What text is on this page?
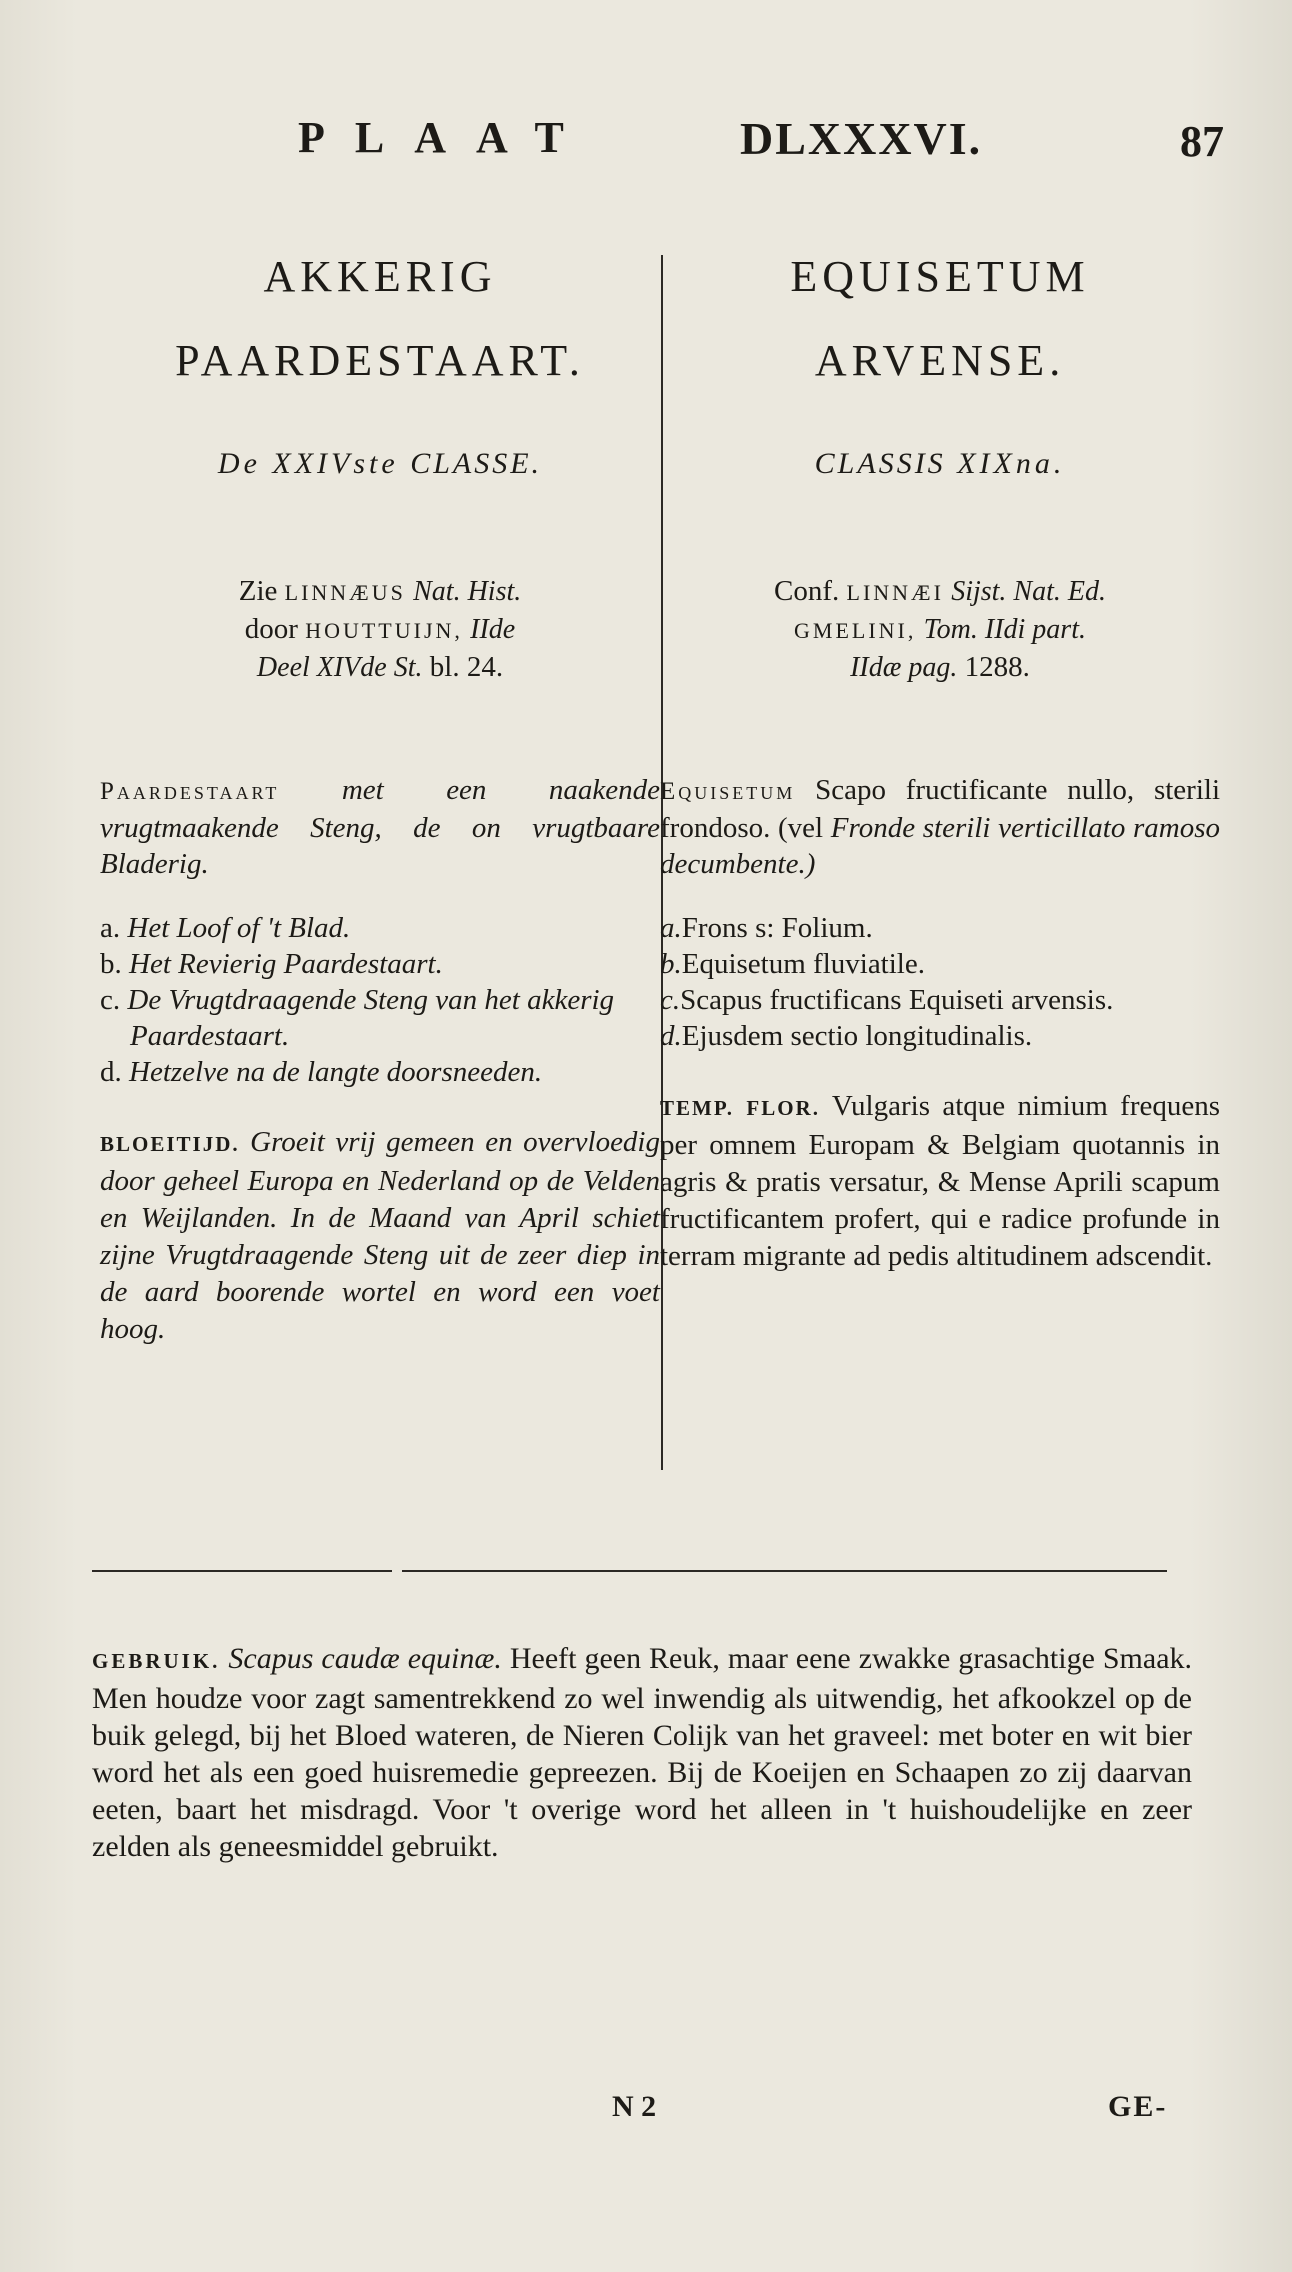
PLAAT	DLXXXVI.	87
AKKERIG
PAARDESTAART.
De XXIVste CLASSE.
Zie LINNÆUS Nat. Hist.
door HOUTTUIJN, IIde
Deel XIVde St. bl. 24.
Paardestaart met een naakende vrugtmaakende Steng, de on vrugtbaare Bladerig.
a. Het Loof of 't Blad.
b. Het Revierig Paardestaart.
c. De Vrugtdraagende Steng van het akkerig Paardestaart.
d. Hetzelve na de langte doorsneeden.
BLOEITIJD. Groeit vrij gemeen en overvloedig door geheel Europa en Nederland op de Velden en Weijlanden. In de Maand van April schiet zijne Vrugtdraagende Steng uit de zeer diep in de aard boorende wortel en word een voet hoog.
EQUISETUM
ARVENSE.
CLASSIS XIXna.
Conf. LINNÆI Sijst. Nat. Ed.
GMELINI, Tom. IIdi part.
IIdæ pag. 1288.
Equisetum Scapo fructificante nullo, sterili frondoso. (vel Fronde sterili verticillato ramoso decumbente.)
a.Frons s: Folium.
b.Equisetum fluviatile.
c.Scapus fructificans Equiseti arvensis.
d.Ejusdem sectio longitudinalis.
TEMP. FLOR. Vulgaris atque nimium frequens per omnem Europam & Belgiam quotannis in agris & pratis versatur, & Mense Aprili scapum fructificantem profert, qui e radice profunde in terram migrante ad pedis altitudinem adscendit.
GEBRUIK. Scapus caudæ equinæ. Heeft geen Reuk, maar eene zwakke grasachtige Smaak. Men houdze voor zagt samentrekkend zo wel inwendig als uitwendig, het afkookzel op de buik gelegd, bij het Bloed wateren, de Nieren Colijk van het graveel: met boter en wit bier word het als een goed huisremedie gepreezen. Bij de Koeijen en Schaapen zo zij daarvan eeten, baart het misdragd. Voor 't overige word het alleen in 't huishoudelijke en zeer zelden als geneesmiddel gebruikt.
N 2	GE-
